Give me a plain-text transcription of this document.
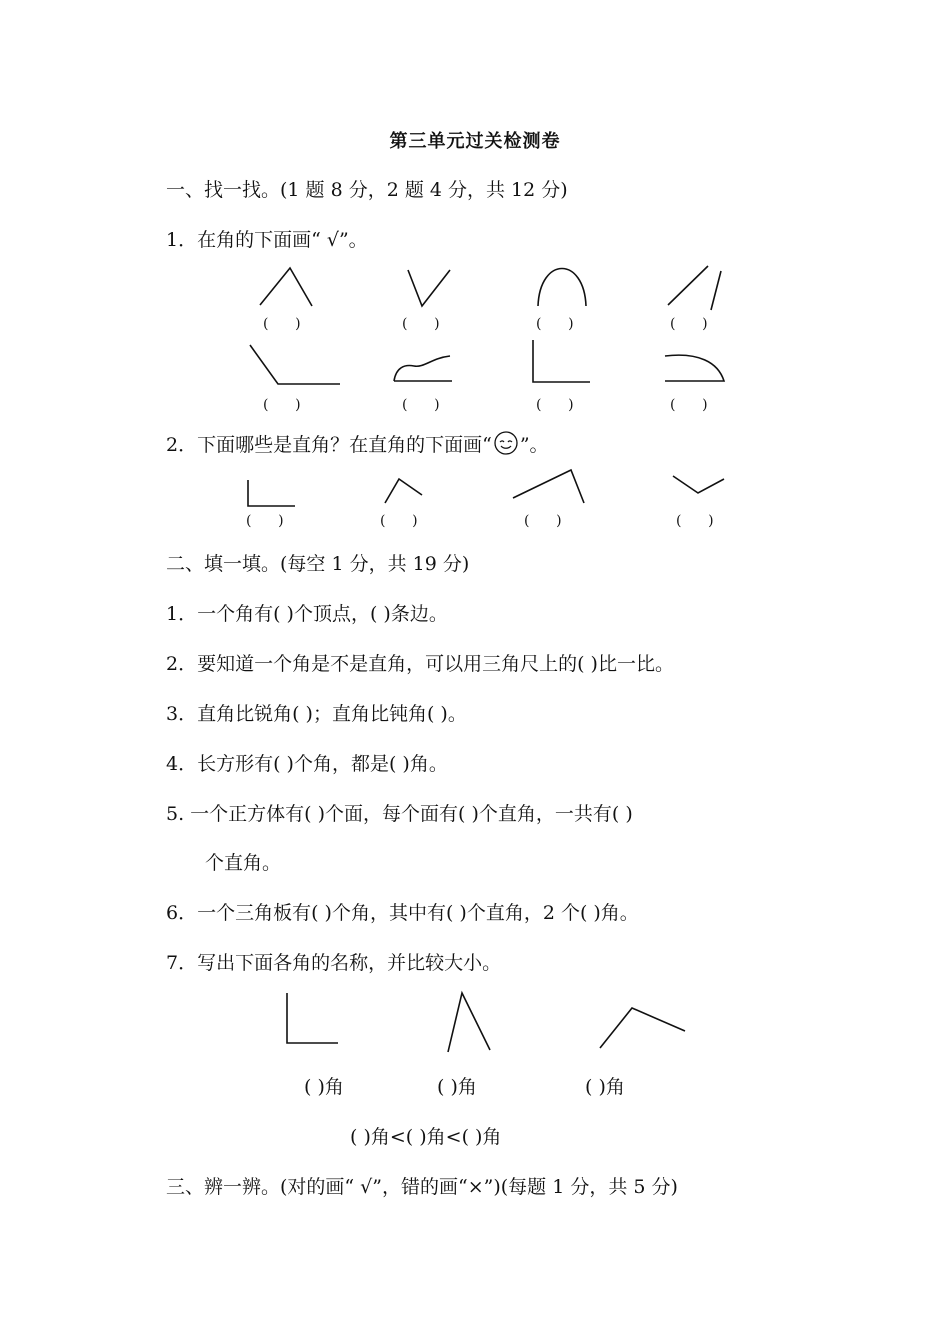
第三单元过关检测卷
一、找一找。(1 题 8 分，2 题 4 分，共 12 分)
1．在角的下面画“ √”。
(      )	(      )	(      )	(      )
(      )	(      )	(      )	(      )
2．下面哪些是直角？在直角的下面画“ ”。
(      )	(      )	(      )	(      )
二、填一填。(每空 1 分，共 19 分)
1．一个角有( )个顶点，( )条边。
2．要知道一个角是不是直角，可以用三角尺上的( )比一比。
3．直角比锐角( )；直角比钝角( )。
4．长方形有( )个角，都是( )角。
5. 一个正方体有( )个面，每个面有( )个直角，一共有( )
个直角。
6．一个三角板有( )个角，其中有( )个直角，2 个( )角。
7．写出下面各角的名称，并比较大小。
( )角	( )角	( )角
( )角<( )角<( )角
三、辨一辨。(对的画“ √”，错的画“×”)(每题 1 分，共 5 分)
